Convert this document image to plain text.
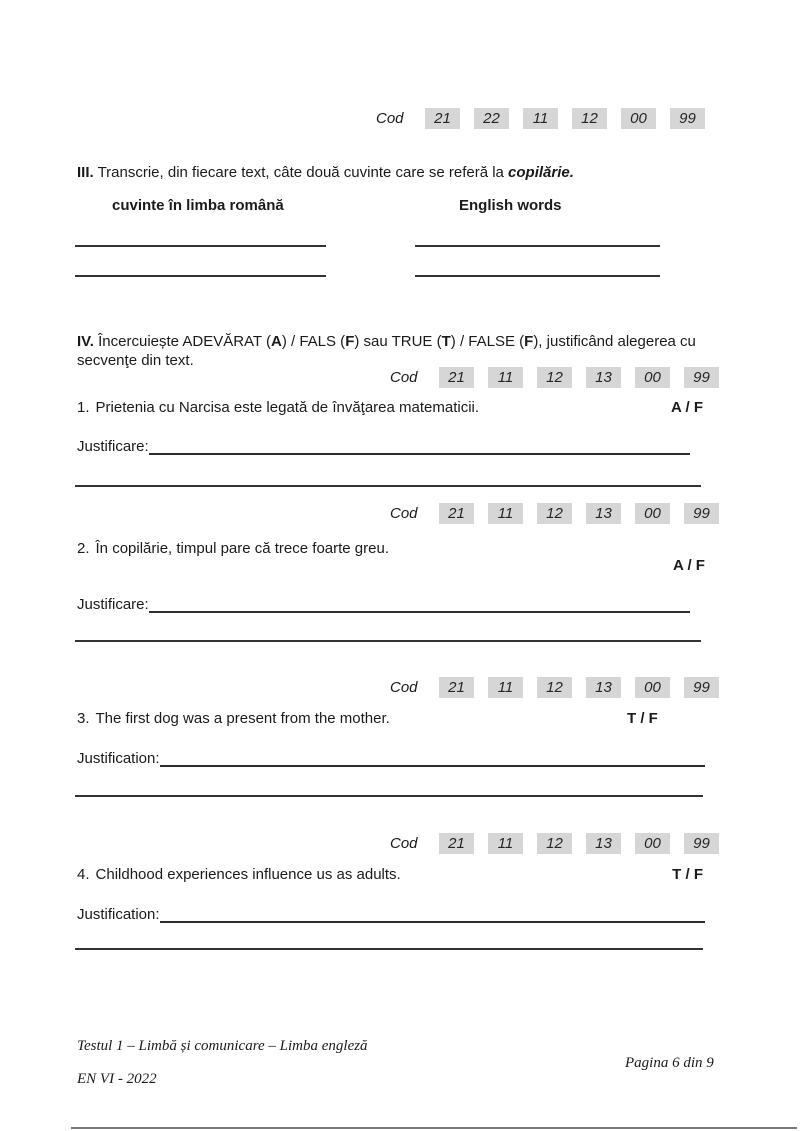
Cod	21	22	11	12	00	99
III. Transcrie, din fiecare text, câte două cuvinte care se referă la copilărie.
cuvinte în limba română	English words
IV. Încercuiește ADEVĂRAT (A) / FALS (F) sau TRUE (T) / FALSE (F), justificând alegerea cu secvenţe din text.
Cod	21	11	12	13	00	99
1. Prietenia cu Narcisa este legată de învăţarea matematicii.	A / F
Justificare:
Cod	21	11	12	13	00	99
2. În copilărie, timpul pare că trece foarte greu.
A / F
Justificare:
Cod	21	11	12	13	00	99
3. The first dog was a present from the mother.	T / F
Justification:
Cod	21	11	12	13	00	99
4. Childhood experiences influence us as adults.	T / F
Justification:
Testul 1 – Limbă și comunicare – Limba engleză
Pagina 6 din 9
EN VI - 2022
